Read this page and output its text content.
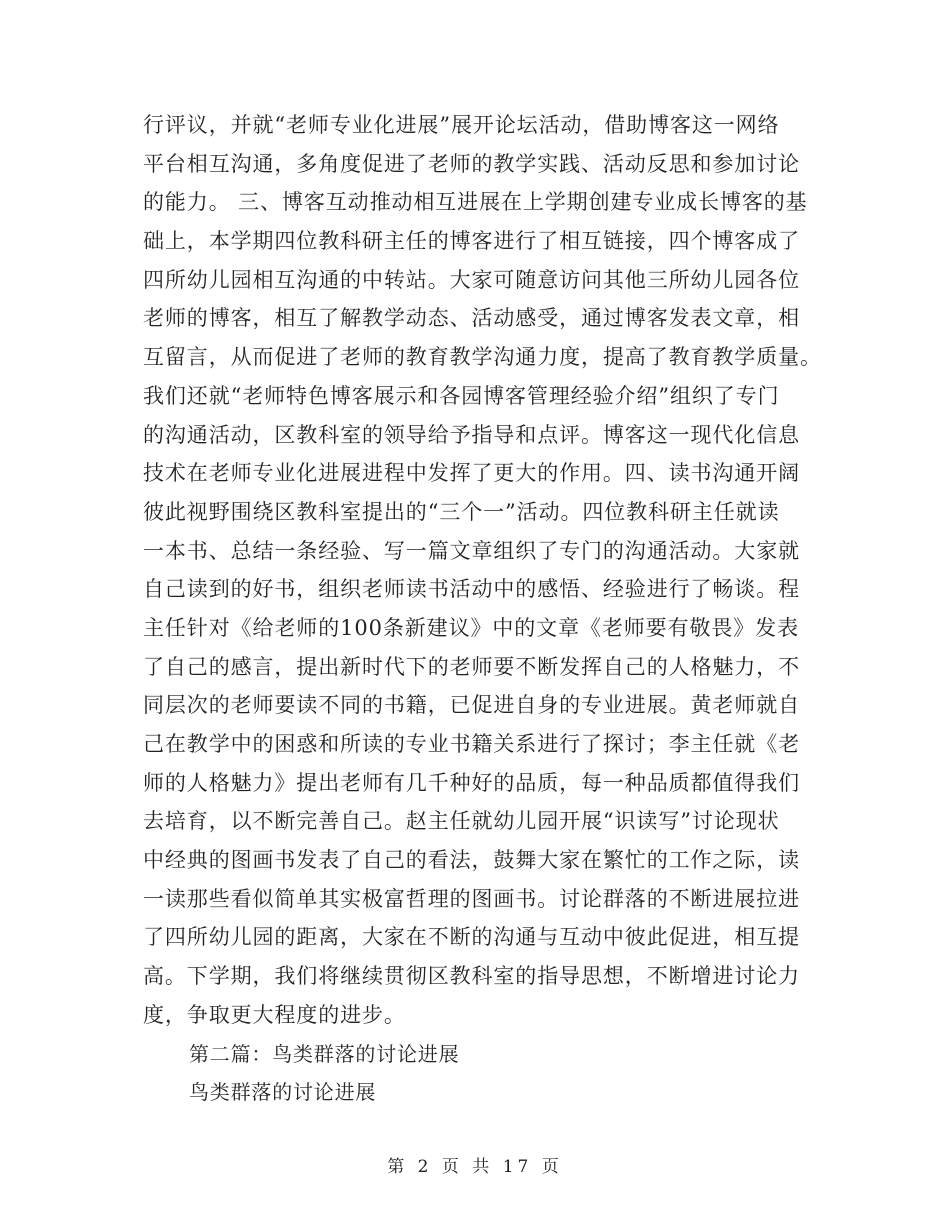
行评议，并就“老师专业化进展”展开论坛活动，借助博客这一网络
平台相互沟通，多角度促进了老师的教学实践、活动反思和参加讨论
的能力。 三、博客互动推动相互进展在上学期创建专业成长博客的基
础上，本学期四位教科研主任的博客进行了相互链接，四个博客成了
四所幼儿园相互沟通的中转站。大家可随意访问其他三所幼儿园各位
老师的博客，相互了解教学动态、活动感受，通过博客发表文章，相
互留言，从而促进了老师的教育教学沟通力度，提高了教育教学质量。
我们还就“老师特色博客展示和各园博客管理经验介绍”组织了专门
的沟通活动，区教科室的领导给予指导和点评。博客这一现代化信息
技术在老师专业化进展进程中发挥了更大的作用。四、读书沟通开阔
彼此视野围绕区教科室提出的“三个一”活动。四位教科研主任就读
一本书、总结一条经验、写一篇文章组织了专门的沟通活动。大家就
自己读到的好书，组织老师读书活动中的感悟、经验进行了畅谈。程
主任针对《给老师的100条新建议》中的文章《老师要有敬畏》发表
了自己的感言，提出新时代下的老师要不断发挥自己的人格魅力，不
同层次的老师要读不同的书籍，已促进自身的专业进展。黄老师就自
己在教学中的困惑和所读的专业书籍关系进行了探讨；李主任就《老
师的人格魅力》提出老师有几千种好的品质，每一种品质都值得我们
去培育，以不断完善自己。赵主任就幼儿园开展“识读写”讨论现状
中经典的图画书发表了自己的看法，鼓舞大家在繁忙的工作之际，读
一读那些看似简单其实极富哲理的图画书。讨论群落的不断进展拉进
了四所幼儿园的距离，大家在不断的沟通与互动中彼此促进，相互提
高。下学期，我们将继续贯彻区教科室的指导思想，不断增进讨论力
度，争取更大程度的进步。
第二篇：鸟类群落的讨论进展
鸟类群落的讨论进展
第 2 页 共 17 页
